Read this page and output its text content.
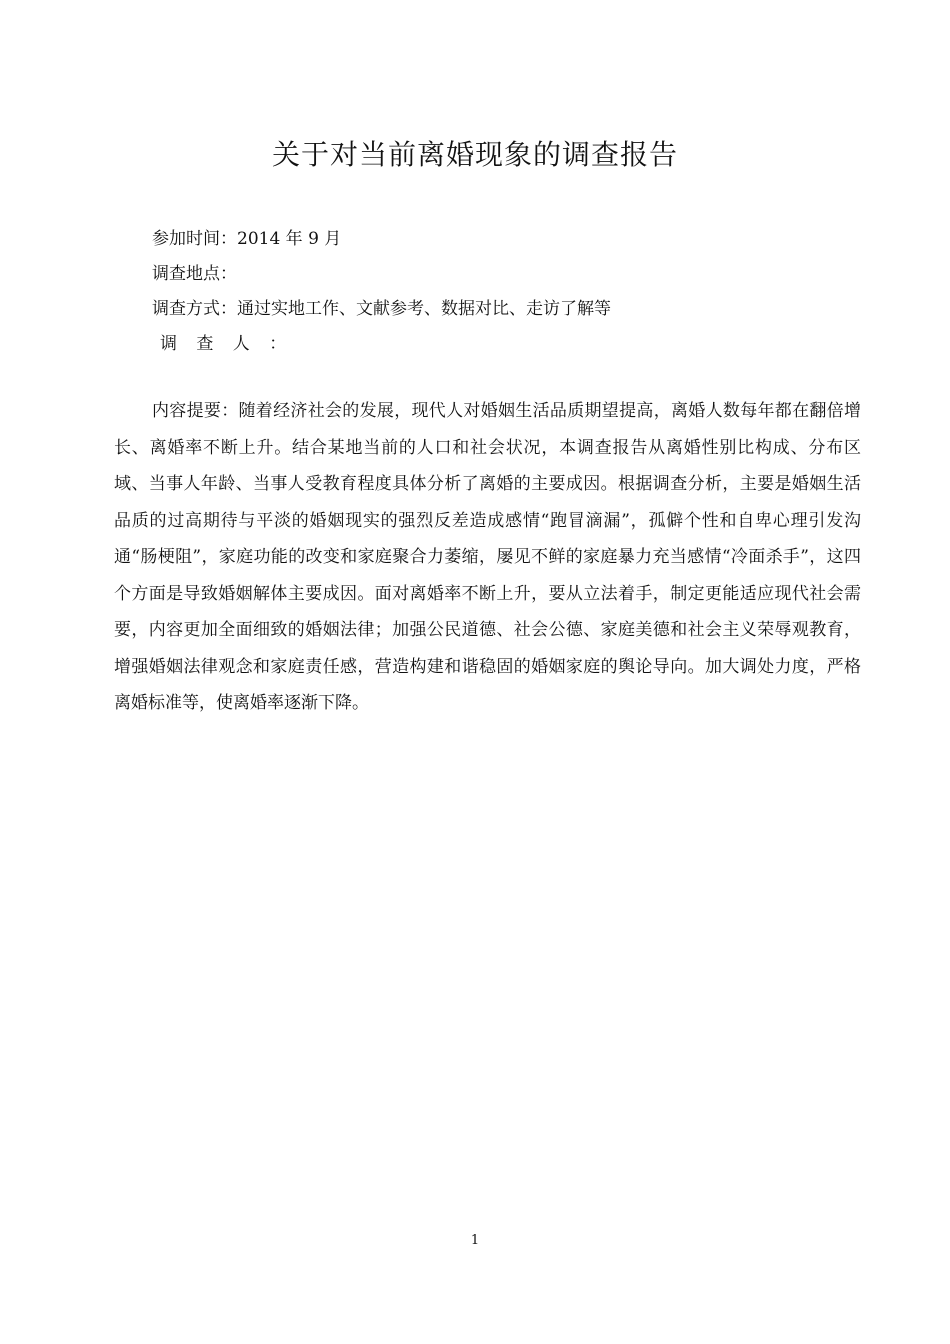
关于对当前离婚现象的调查报告
参加时间：2014 年 9 月
调查地点：
调查方式：通过实地工作、文献参考、数据对比、走访了解等
调 查 人 ：

内容提要：随着经济社会的发展，现代人对婚姻生活品质期望提高，离婚人数每年都在翻倍增长、离婚率不断上升。结合某地当前的人口和社会状况，本调查报告从离婚性别比构成、分布区域、当事人年龄、当事人受教育程度具体分析了离婚的主要成因。根据调查分析，主要是婚姻生活品质的过高期待与平淡的婚姻现实的强烈反差造成感情“跑冒滴漏”，孤僻个性和自卑心理引发沟通“肠梗阻”，家庭功能的改变和家庭聚合力萎缩，屡见不鲜的家庭暴力充当感情“冷面杀手”，这四个方面是导致婚姻解体主要成因。面对离婚率不断上升，要从立法着手，制定更能适应现代社会需要，内容更加全面细致的婚姻法律；加强公民道德、社会公德、家庭美德和社会主义荣辱观教育，增强婚姻法律观念和家庭责任感，营造构建和谐稳固的婚姻家庭的舆论导向。加大调处力度，严格离婚标准等，使离婚率逐渐下降。

1
